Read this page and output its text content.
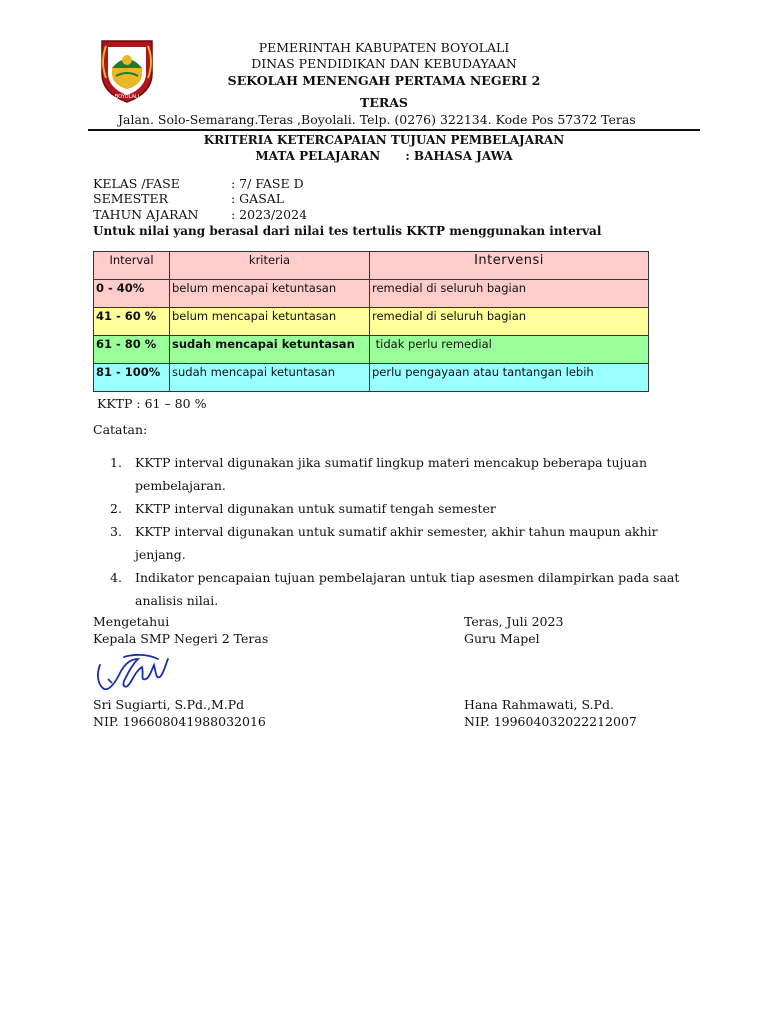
BOYOLALI
PEMERINTAH KABUPATEN BOYOLALI
DINAS PENDIDIKAN DAN KEBUDAYAAN
SEKOLAH MENENGAH PERTAMA NEGERI 2
TERAS
Jalan. Solo-Semarang.Teras ,Boyolali. Telp. (0276) 322134. Kode Pos 57372 Teras
KRITERIA KETERCAPAIAN TUJUAN PEMBELAJARAN
MATA PELAJARAN      : BAHASA JAWA
KELAS /FASE	: 7/ FASE D
SEMESTER	: GASAL
TAHUN AJARAN	: 2023/2024
Untuk nilai yang berasal dari nilai tes tertulis KKTP menggunakan interval
Interval	kriteria	Intervensi

0 - 40%	belum mencapai ketuntasan	remedial di seluruh bagian

41 - 60 %	belum mencapai ketuntasan	remedial di seluruh bagian

61 - 80 %	sudah mencapai ketuntasan	tidak perlu remedial

81 - 100%	sudah mencapai ketuntasan	perlu pengayaan atau tantangan lebih
KKTP : 61 – 80 %
Catatan:
1. KKTP interval digunakan jika sumatif lingkup materi mencakup beberapa tujuan pembelajaran.
2. KKTP interval digunakan untuk sumatif tengah semester
3. KKTP interval digunakan untuk sumatif akhir semester, akhir tahun maupun akhir jenjang.
4. Indikator pencapaian tujuan pembelajaran untuk tiap asesmen dilampirkan pada saat analisis nilai.
Mengetahui
Kepala SMP Negeri 2 Teras
Teras, Juli 2023
Guru Mapel
Sri Sugiarti, S.Pd.,M.Pd
NIP. 196608041988032016
Hana Rahmawati, S.Pd.
NIP. 199604032022212007
